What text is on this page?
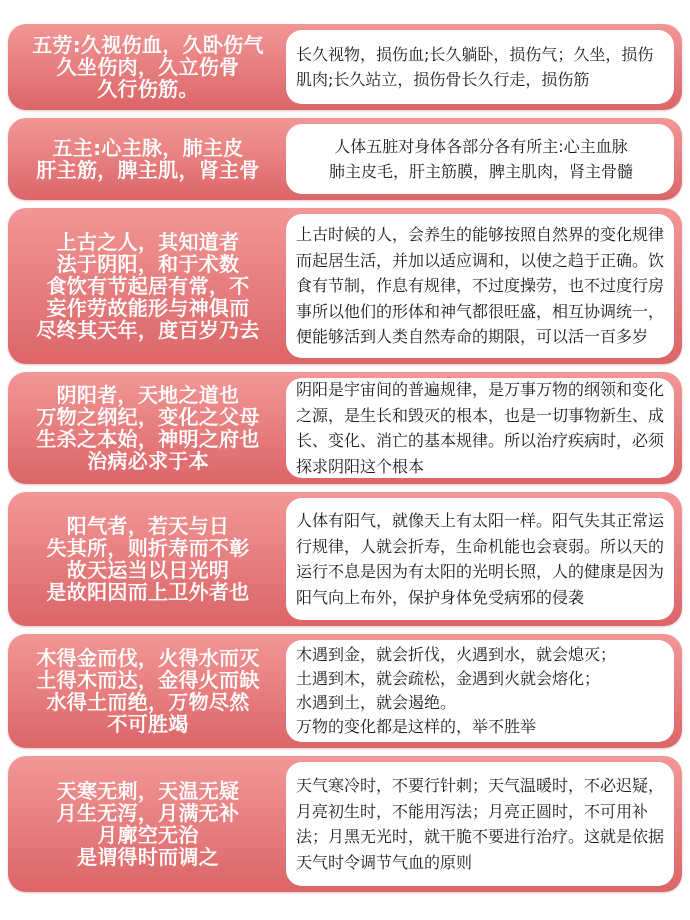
五劳:久视伤血，久卧伤气
久坐伤肉，久立伤骨
久行伤筋。
长久视物，损伤血;长久躺卧，损伤气；久坐，损伤肌肉;长久站立，损伤骨长久行走，损伤筋
五主:心主脉，肺主皮
肝主筋，脾主肌，肾主骨
人体五脏对身体各部分各有所主:心主血脉
肺主皮毛，肝主筋膜，脾主肌肉，肾主骨髓
上古之人，其知道者
法于阴阳，和于术数
食饮有节起居有常，不
妄作劳故能形与神俱而
尽终其天年，度百岁乃去
上古时候的人，会养生的能够按照自然界的变化规律而起居生活，并加以适应调和，以使之趋于正确。饮食有节制，作息有规律，不过度操劳，也不过度行房事所以他们的形体和神气都很旺盛，相互协调统一，便能够活到人类自然寿命的期限，可以活一百多岁
阴阳者，天地之道也
万物之纲纪，变化之父母
生杀之本始，神明之府也
治病必求于本
阴阳是宇宙间的普遍规律，是万事万物的纲领和变化之源，是生长和毁灭的根本，也是一切事物新生、成长、变化、消亡的基本规律。所以治疗疾病时，必须探求阴阳这个根本
阳气者，若天与日
失其所，则折寿而不彰
故天运当以日光明
是故阳因而上卫外者也
人体有阳气，就像天上有太阳一样。阳气失其正常运行规律，人就会折寿，生命机能也会衰弱。所以天的运行不息是因为有太阳的光明长照，人的健康是因为阳气向上布外，保护身体免受病邪的侵袭
木得金而伐，火得水而灭
土得木而达，金得火而缺
水得土而绝，万物尽然
不可胜竭
木遇到金，就会折伐，火遇到水，就会熄灭；
土遇到木，就会疏松，金遇到火就会熔化；
水遇到土，就会遏绝。
万物的变化都是这样的，举不胜举
天寒无刺，天温无疑
月生无泻，月满无补
月廓空无治
是谓得时而调之
天气寒冷时，不要行针刺；天气温暖时，不必迟疑，月亮初生时，不能用泻法；月亮正圆时，不可用补法；月黑无光时，就干脆不要进行治疗。这就是依据天气时令调节气血的原则
